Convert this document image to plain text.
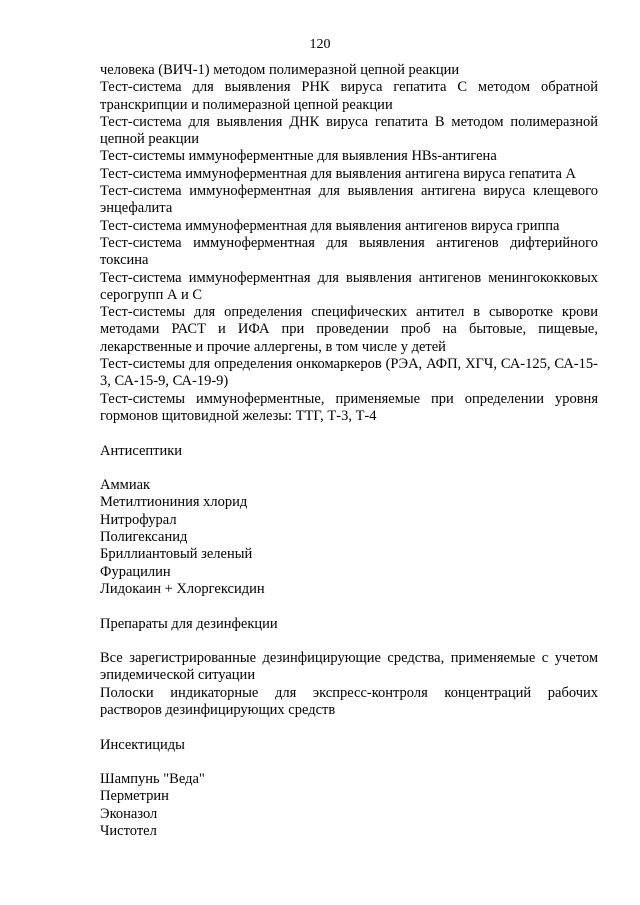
120

человека (ВИЧ-1) методом полимеразной цепной реакции

Тест-система для выявления РНК вируса гепатита С методом обратной транскрипции и полимеразной цепной реакции

Тест-система для выявления ДНК вируса гепатита В методом полимеразной цепной реакции

Тест-системы иммуноферментные для выявления HBs-антигена

Тест-система иммуноферментная для выявления антигена вируса гепатита А

Тест-система иммуноферментная для выявления антигена вируса клещевого энцефалита

Тест-система иммуноферментная для выявления антигенов вируса гриппа

Тест-система иммуноферментная для выявления антигенов дифтерийного токсина

Тест-система иммуноферментная для выявления антигенов менингококковых серогрупп А и С

Тест-системы для определения специфических антител в сыворотке крови методами РАСТ и ИФА при проведении проб на бытовые, пищевые, лекарственные и прочие аллергены, в том числе у детей

Тест-системы для определения онкомаркеров (РЭА, АФП, ХГЧ, СА-125, СА-15-3, СА-15-9, СА-19-9)

Тест-системы иммуноферментные, применяемые при определении уровня гормонов щитовидной железы: ТТГ, Т-3, Т-4

Антисептики

Аммиак

Метилтиониния хлорид

Нитрофурал

Полигексанид

Бриллиантовый зеленый

Фурацилин

Лидокаин + Хлоргексидин

Препараты для дезинфекции

Все зарегистрированные дезинфицирующие средства, применяемые с учетом эпидемической ситуации

Полоски индикаторные для экспресс-контроля концентраций рабочих растворов дезинфицирующих средств

Инсектициды

Шампунь "Веда"

Перметрин

Эконазол

Чистотел
